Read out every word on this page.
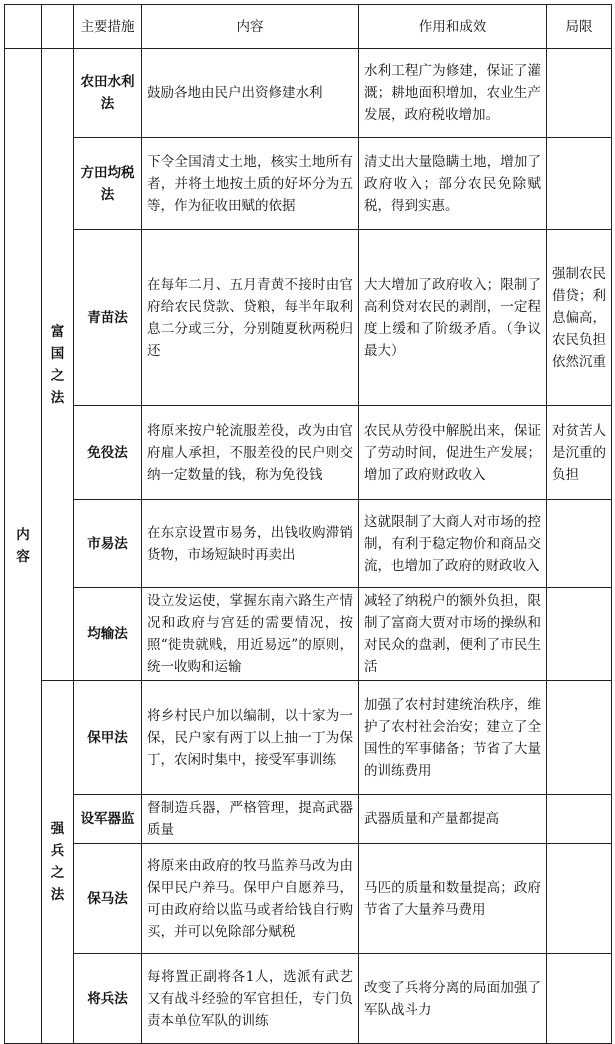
		主要措施	内容	作用和成效	局限
内容	富国之法	农田水利法	鼓励各地由民户出资修建水利	水利工程广为修建，保证了灌溉；耕地面积增加，农业生产发展，政府税收增加。	
		方田均税法	下令全国清丈土地，核实土地所有者，并将土地按土质的好坏分为五等，作为征收田赋的依据	清丈出大量隐瞒土地，增加了政府收入；部分农民免除赋税，得到实惠。	
		青苗法	在每年二月、五月青黄不接时由官府给农民贷款、贷粮，每半年取利息二分或三分，分别随夏秋两税归还	大大增加了政府收入；限制了高利贷对农民的剥削，一定程度上缓和了阶级矛盾。（争议最大）	强制农民借贷；利息偏高，农民负担依然沉重
		免役法	将原来按户轮流服差役，改为由官府雇人承担，不服差役的民户则交纳一定数量的钱，称为免役钱	农民从劳役中解脱出来，保证了劳动时间，促进生产发展；增加了政府财政收入	对贫苦人是沉重的负担
		市易法	在东京设置市易务，出钱收购滞销货物，市场短缺时再卖出	这就限制了大商人对市场的控制，有利于稳定物价和商品交流，也增加了政府的财政收入	
		均输法	设立发运使，掌握东南六路生产情况和政府与宫廷的需要情况，按照“徙贵就贱，用近易远”的原则，统一收购和运输	减轻了纳税户的额外负担，限制了富商大贾对市场的操纵和对民众的盘剥，便利了市民生活	
	强兵之法	保甲法	将乡村民户加以编制，以十家为一保，民户家有两丁以上抽一丁为保丁，农闲时集中，接受军事训练	加强了农村封建统治秩序，维护了农村社会治安；建立了全国性的军事储备；节省了大量的训练费用	
		设军器监	督制造兵器，严格管理，提高武器质量	武器质量和产量都提高	
		保马法	将原来由政府的牧马监养马改为由保甲民户养马。保甲户自愿养马，可由政府给以监马或者给钱自行购买，并可以免除部分赋税	马匹的质量和数量提高；政府节省了大量养马费用	
		将兵法	每将置正副将各1人，选派有武艺又有战斗经验的军官担任，专门负责本单位军队的训练	改变了兵将分离的局面加强了军队战斗力	
